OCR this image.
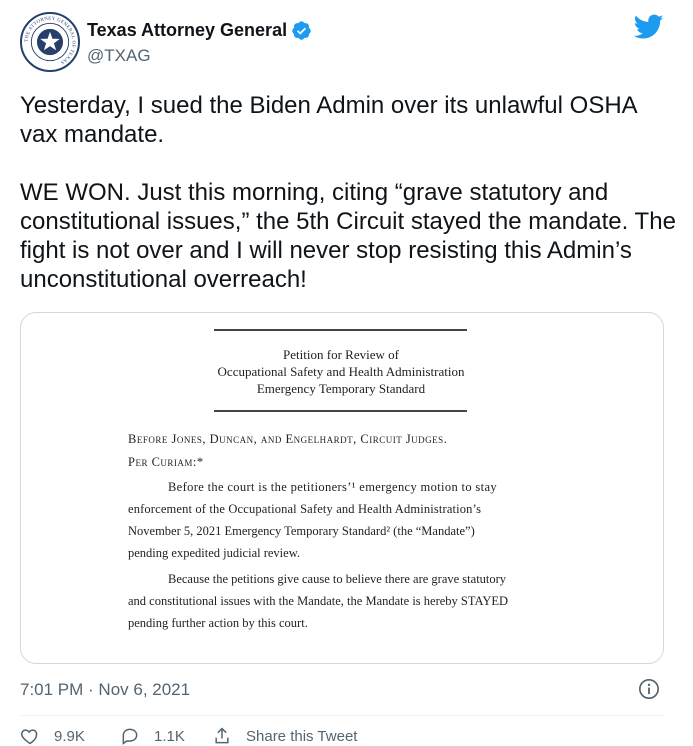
THE ATTORNEY GENERAL OF TEXAS
Texas Attorney General
@TXAG
Yesterday, I sued the Biden Admin over its unlawful OSHA vax mandate.

WE WON. Just this morning, citing “grave statutory and constitutional issues,” the 5th Circuit stayed the mandate. The fight is not over and I will never stop resisting this Admin’s unconstitutional overreach!
Petition for Review of
Occupational Safety and Health Administration
Emergency Temporary Standard
Before Jones, Duncan, and Engelhardt, Circuit Judges.
Per Curiam:*
Before the court is the petitioners’¹ emergency motion to stay
enforcement of the Occupational Safety and Health Administration’s
November 5, 2021 Emergency Temporary Standard² (the “Mandate”)
pending expedited judicial review.
Because the petitions give cause to believe there are grave statutory
and constitutional issues with the Mandate, the Mandate is hereby STAYED
pending further action by this court.
7:01 PM · Nov 6, 2021
9.9K	1.1K	Share this Tweet
